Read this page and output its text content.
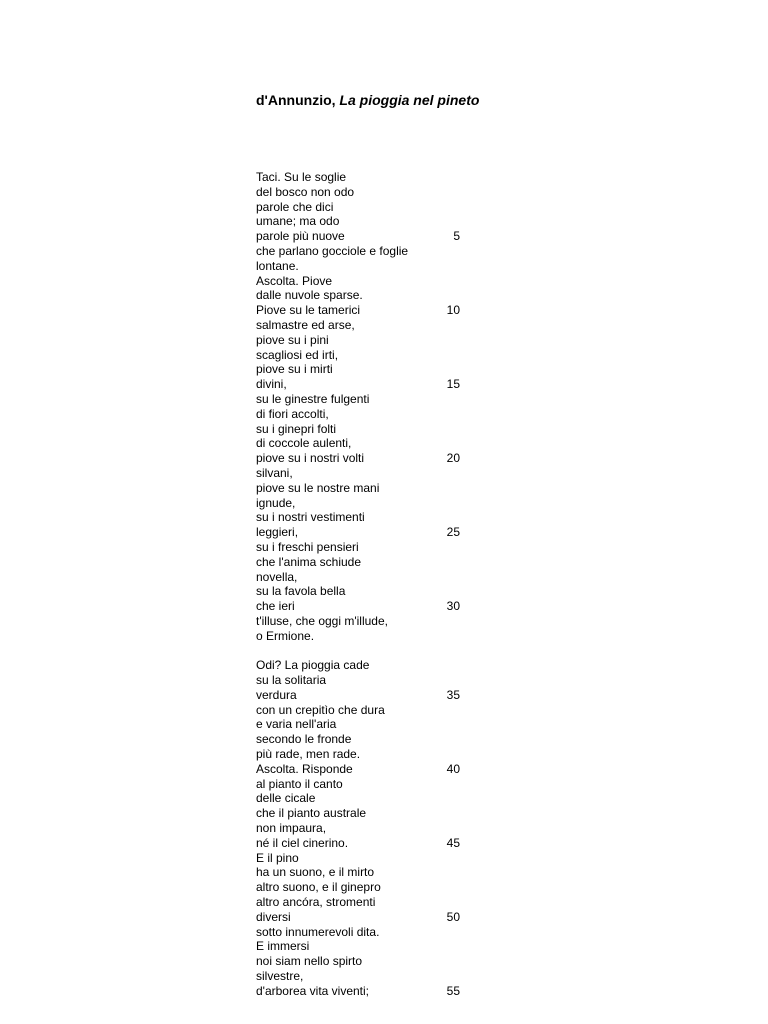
d'Annunzio, La pioggia nel pineto
Taci. Su le soglie
del bosco non odo
parole che dici
umane; ma odo
parole più nuove	5
che parlano gocciole e foglie
lontane.
Ascolta. Piove
dalle nuvole sparse.
Piove su le tamerici	10
salmastre ed arse,
piove su i pini
scagliosi ed irti,
piove su i mirti
divini,	15
su le ginestre fulgenti
di fiori accolti,
su i ginepri folti
di coccole aulenti,
piove su i nostri volti	20
silvani,
piove su le nostre mani
ignude,
su i nostri vestimenti
leggieri,	25
su i freschi pensieri
che l'anima schiude
novella,
su la favola bella
che ieri	30
t'illuse, che oggi m'illude,
o Ermione.
Odi? La pioggia cade
su la solitaria
verdura	35
con un crepitìo che dura
e varia nell'aria
secondo le fronde
più rade, men rade.
Ascolta. Risponde	40
al pianto il canto
delle cicale
che il pianto australe
non impaura,
né il ciel cinerino.	45
E il pino
ha un suono, e il mirto
altro suono, e il ginepro
altro ancóra, stromenti
diversi	50
sotto innumerevoli dita.
E immersi
noi siam nello spirto
silvestre,
d'arborea vita viventi;	55
